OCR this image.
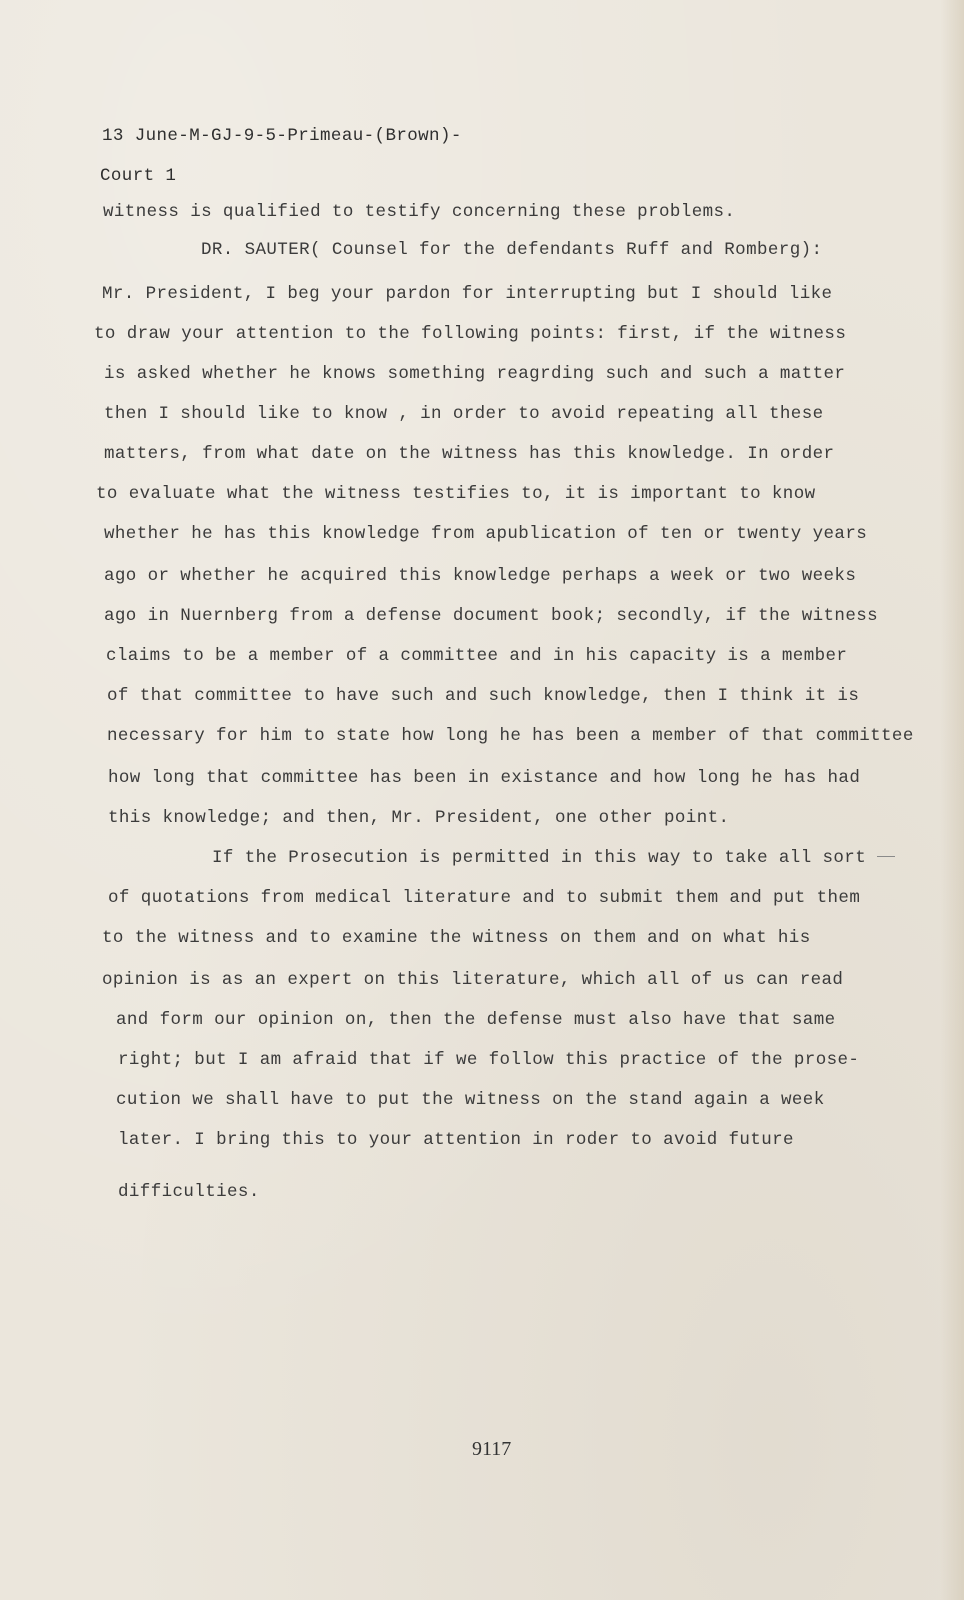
13 June-M-GJ-9-5-Primeau-(Brown)-
Court 1
witness is qualified to testify concerning these problems.
DR. SAUTER( Counsel for the defendants Ruff and Romberg):
Mr. President, I beg your pardon for interrupting but I should like
to draw your attention to the following points: first, if the witness
is asked whether he knows something reagrding such and such a matter
then I should like to know , in order to avoid repeating all these
matters, from what date on the witness has this knowledge. In order
to evaluate what the witness testifies to, it is important to know
whether he has this knowledge from apublication of ten or twenty years
ago or whether he acquired this knowledge perhaps a week or two weeks
ago in Nuernberg from a defense document book; secondly, if the witness
claims to be a member of a committee and in his capacity is a member
of that committee to have such and such knowledge, then I think it is
necessary for him to state how long he has been a member of that committee
how long that committee has been in existance and how long he has had
this knowledge; and then, Mr. President, one other point.
If the Prosecution is permitted in this way to take all sort
of quotations from medical literature and to submit them and put them
to the witness and to examine the witness on them and on what his
opinion is as an expert on this literature, which all of us can read
and form our opinion on, then the defense must also have that same
right; but I am afraid that if we follow this practice of the prose-
cution we shall have to put the witness on the stand again a week
later. I bring this to your attention in roder to avoid future
difficulties.
9117
